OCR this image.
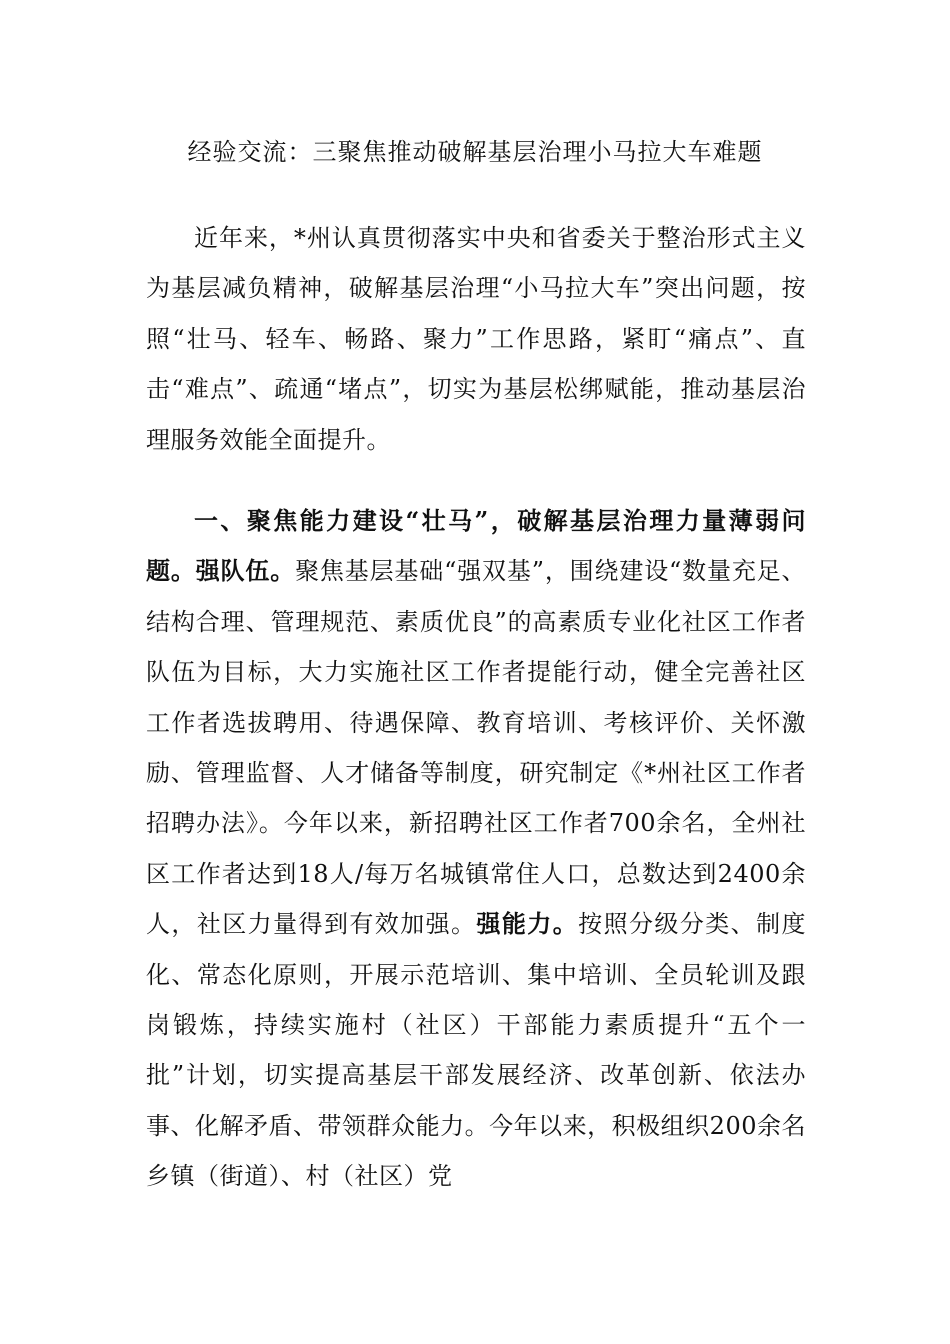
经验交流：三聚焦推动破解基层治理小马拉大车难题

近年来，*州认真贯彻落实中央和省委关于整治形式主义为基层减负精神，破解基层治理“小马拉大车”突出问题，按照“壮马、轻车、畅路、聚力”工作思路，紧盯“痛点”、直击“难点”、疏通“堵点”，切实为基层松绑赋能，推动基层治理服务效能全面提升。

一、聚焦能力建设“壮马”，破解基层治理力量薄弱问题。强队伍。聚焦基层基础“强双基”，围绕建设“数量充足、结构合理、管理规范、素质优良”的高素质专业化社区工作者队伍为目标，大力实施社区工作者提能行动，健全完善社区工作者选拔聘用、待遇保障、教育培训、考核评价、关怀激励、管理监督、人才储备等制度，研究制定《*州社区工作者招聘办法》。今年以来，新招聘社区工作者700余名，全州社区工作者达到18人/每万名城镇常住人口，总数达到2400余人，社区力量得到有效加强。强能力。按照分级分类、制度化、常态化原则，开展示范培训、集中培训、全员轮训及跟岗锻炼，持续实施村（社区）干部能力素质提升“五个一批”计划，切实提高基层干部发展经济、改革创新、依法办事、化解矛盾、带领群众能力。今年以来，积极组织200余名乡镇（街道）、村（社区）党
